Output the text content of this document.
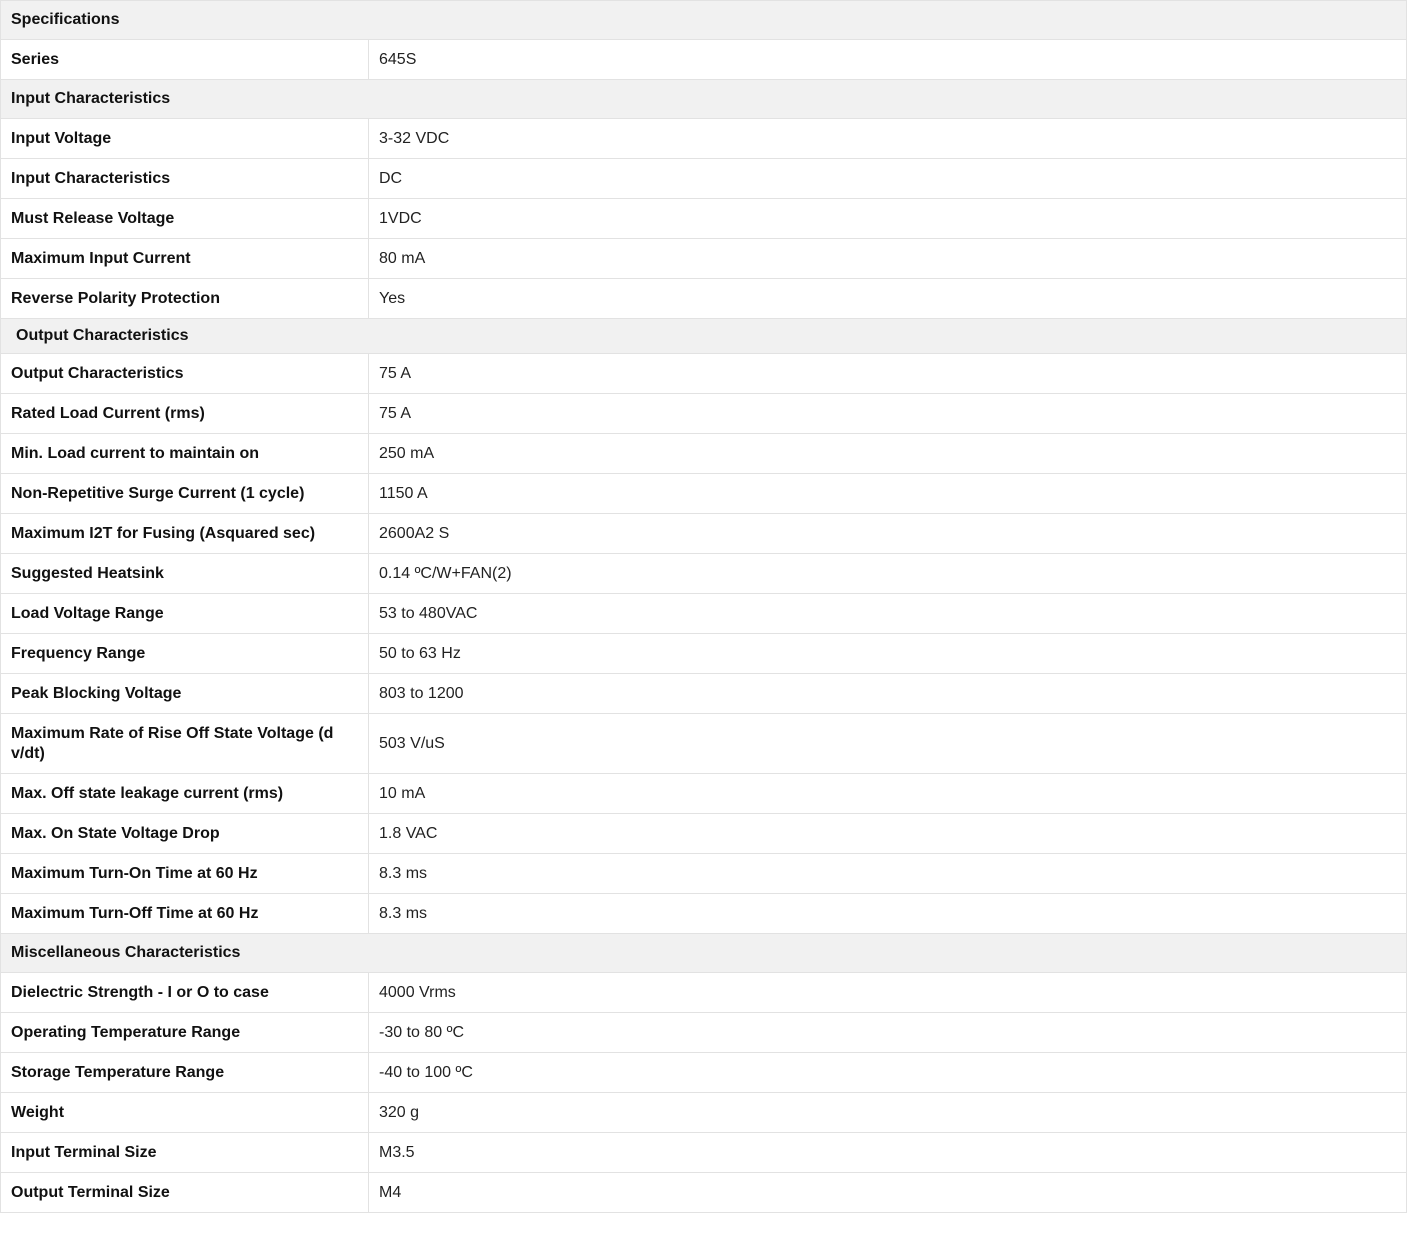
Specifications	
Series	645S
Input Characteristics	
Input Voltage	3-32 VDC
Input Characteristics	DC
Must Release Voltage	1VDC
Maximum Input Current	80 mA
Reverse Polarity Protection	Yes
Output Characteristics	
Output Characteristics	75 A
Rated Load Current (rms)	75 A
Min. Load current to maintain on	250 mA
Non-Repetitive Surge Current (1 cycle)	1150 A
Maximum I2T for Fusing (Asquared sec)	2600A2 S
Suggested Heatsink	0.14 ºC/W+FAN(2)
Load Voltage Range	53 to 480VAC
Frequency Range	50 to 63 Hz
Peak Blocking Voltage	803 to 1200
Maximum Rate of Rise Off State Voltage (d v/dt)	503 V/uS
Max. Off state leakage current (rms)	10 mA
Max. On State Voltage Drop	1.8 VAC
Maximum Turn-On Time at 60 Hz	8.3 ms
Maximum Turn-Off Time at 60 Hz	8.3 ms
Miscellaneous Characteristics	
Dielectric Strength - I or O to case	4000 Vrms
Operating Temperature Range	-30 to 80 ºC
Storage Temperature Range	-40 to 100 ºC
Weight	320 g
Input Terminal Size	M3.5
Output Terminal Size	M4
